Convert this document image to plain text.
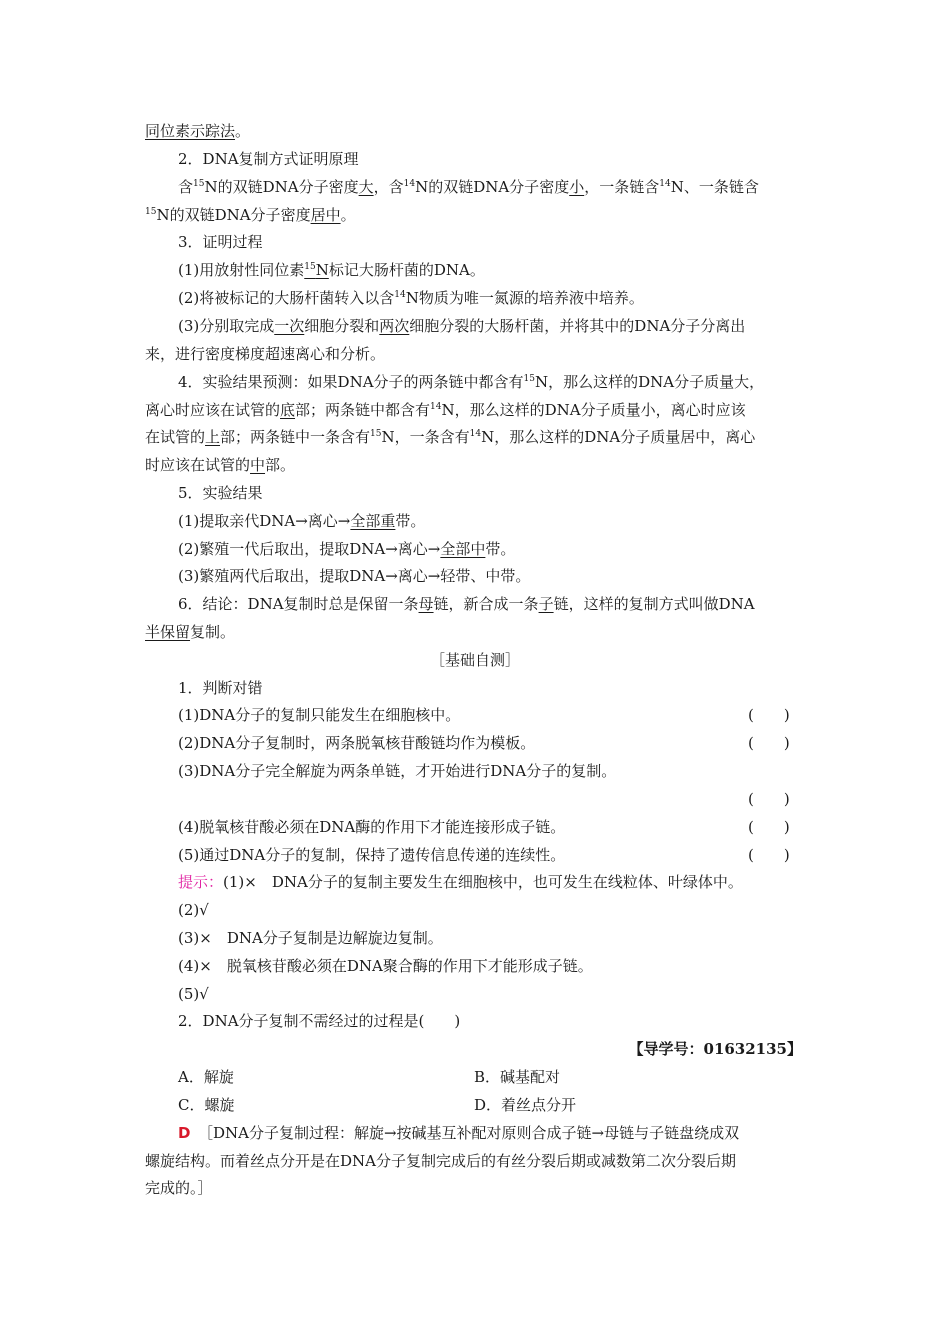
同位素示踪法。
2．DNA复制方式证明原理
含$^{15}$N的双链DNA分子密度大，含$^{14}$N的双链DNA分子密度小，一条链含$^{14}$N、一条链含
$^{15}$N的双链DNA分子密度居中。
3．证明过程
(1)用放射性同位素$^{15}$N标记大肠杆菌的DNA。
(2)将被标记的大肠杆菌转入以含$^{14}$N物质为唯一氮源的培养液中培养。
(3)分别取完成一次细胞分裂和两次细胞分裂的大肠杆菌，并将其中的DNA分子分离出
来，进行密度梯度超速离心和分析。
4．实验结果预测：如果DNA分子的两条链中都含有$^{15}$N，那么这样的DNA分子质量大，
离心时应该在试管的底部；两条链中都含有$^{14}$N，那么这样的DNA分子质量小，离心时应该
在试管的上部；两条链中一条含有$^{15}$N，一条含有$^{14}$N，那么这样的DNA分子质量居中，离心
时应该在试管的中部。
5．实验结果
(1)提取亲代DNA→离心→全部重带。
(2)繁殖一代后取出，提取DNA→离心→全部中带。
(3)繁殖两代后取出，提取DNA→离心→轻带、中带。
6．结论：DNA复制时总是保留一条母链，新合成一条子链，这样的复制方式叫做DNA
半保留复制。
［基础自测］
1．判断对错
(1)DNA分子的复制只能发生在细胞核中。	(　　)
(2)DNA分子复制时，两条脱氧核苷酸链均作为模板。	(　　)
(3)DNA分子完全解旋为两条单链，才开始进行DNA分子的复制。
(　　)
(4)脱氧核苷酸必须在DNA酶的作用下才能连接形成子链。	(　　)
(5)通过DNA分子的复制，保持了遗传信息传递的连续性。	(　　)
提示：(1)×　DNA分子的复制主要发生在细胞核中，也可发生在线粒体、叶绿体中。
(2)√
(3)×　DNA分子复制是边解旋边复制。
(4)×　脱氧核苷酸必须在DNA聚合酶的作用下才能形成子链。
(5)√
2．DNA分子复制不需经过的过程是(　　)
【导学号：01632135】
A．解旋	B．碱基配对
C．螺旋	D．着丝点分开
D　 ［DNA分子复制过程：解旋→按碱基互补配对原则合成子链→母链与子链盘绕成双
螺旋结构。而着丝点分开是在DNA分子复制完成后的有丝分裂后期或减数第二次分裂后期
完成的。］
